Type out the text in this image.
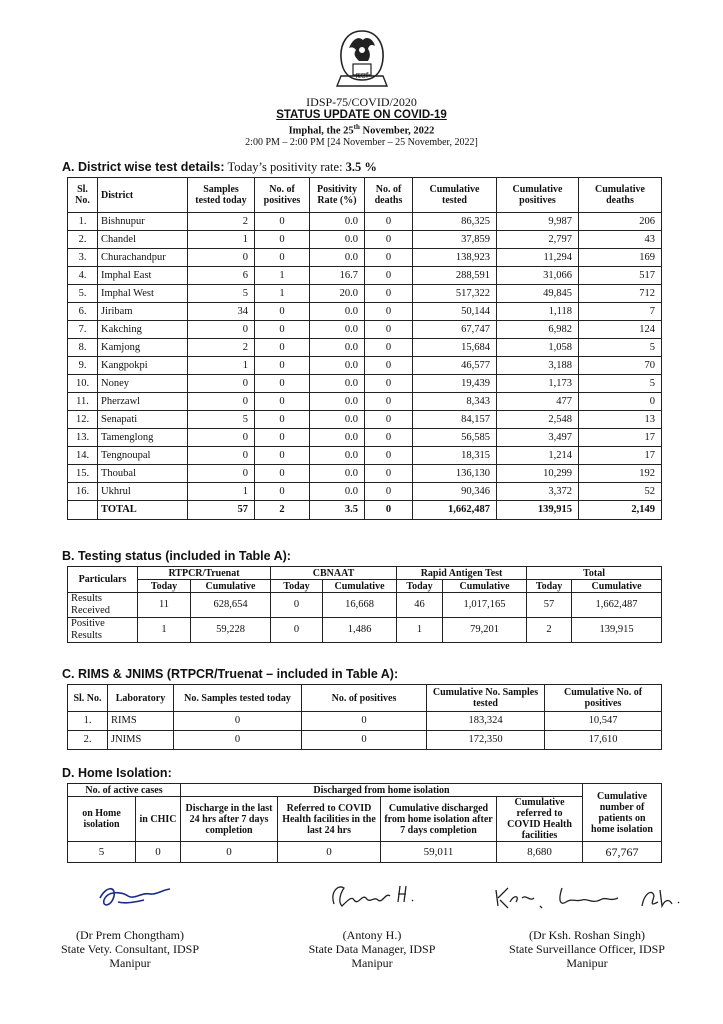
ꯃꯅꯤ
IDSP-75/COVID/2020
STATUS UPDATE ON COVID-19
Imphal, the 25th November, 2022
2:00 PM – 2:00 PM [24 November – 25 November, 2022]
A. District wise test details: Today’s positivity rate: 3.5 %
Sl. No.	District	Samples tested today	No. of positives	Positivity Rate (%)	No. of deaths	Cumulative tested	Cumulative positives	Cumulative deaths
1.	Bishnupur	2	0	0.0	0	86,325	9,987	206
2.	Chandel	1	0	0.0	0	37,859	2,797	43
3.	Churachandpur	0	0	0.0	0	138,923	11,294	169
4.	Imphal East	6	1	16.7	0	288,591	31,066	517
5.	Imphal West	5	1	20.0	0	517,322	49,845	712
6.	Jiribam	34	0	0.0	0	50,144	1,118	7
7.	Kakching	0	0	0.0	0	67,747	6,982	124
8.	Kamjong	2	0	0.0	0	15,684	1,058	5
9.	Kangpokpi	1	0	0.0	0	46,577	3,188	70
10.	Noney	0	0	0.0	0	19,439	1,173	5
11.	Pherzawl	0	0	0.0	0	8,343	477	0
12.	Senapati	5	0	0.0	0	84,157	2,548	13
13.	Tamenglong	0	0	0.0	0	56,585	3,497	17
14.	Tengnoupal	0	0	0.0	0	18,315	1,214	17
15.	Thoubal	0	0	0.0	0	136,130	10,299	192
16.	Ukhrul	1	0	0.0	0	90,346	3,372	52
	TOTAL	57	2	3.5	0	1,662,487	139,915	2,149
B. Testing status (included in Table A):
Particulars	RTPCR/Truenat		CBNAAT		Rapid Antigen Test		Total	
	Today	Cumulative	Today	Cumulative	Today	Cumulative	Today	Cumulative
Results Received	11	628,654	0	16,668	46	1,017,165	57	1,662,487
Positive Results	1	59,228	0	1,486	1	79,201	2	139,915
C. RIMS & JNIMS (RTPCR/Truenat – included in Table A):
Sl. No.	Laboratory	No. Samples tested today	No. of positives	Cumulative No. Samples tested	Cumulative No. of positives
1.	RIMS	0	0	183,324	10,547
2.	JNIMS	0	0	172,350	17,610
D. Home Isolation:
No. of active cases		Discharged from home isolation				Cumulative number of patients on home isolation
on Home isolation	in CHIC	Discharge in the last 24 hrs after 7 days completion	Referred to COVID Health facilities in the last 24 hrs	Cumulative discharged from home isolation after 7 days completion	Cumulative referred to COVID Health facilities	
5	0	0	0	59,011	8,680	67,767
(Dr Prem Chongtham)
State Vety. Consultant, IDSP
Manipur
(Antony H.)
State Data Manager, IDSP
Manipur
(Dr Ksh. Roshan Singh)
State Surveillance Officer, IDSP
Manipur
